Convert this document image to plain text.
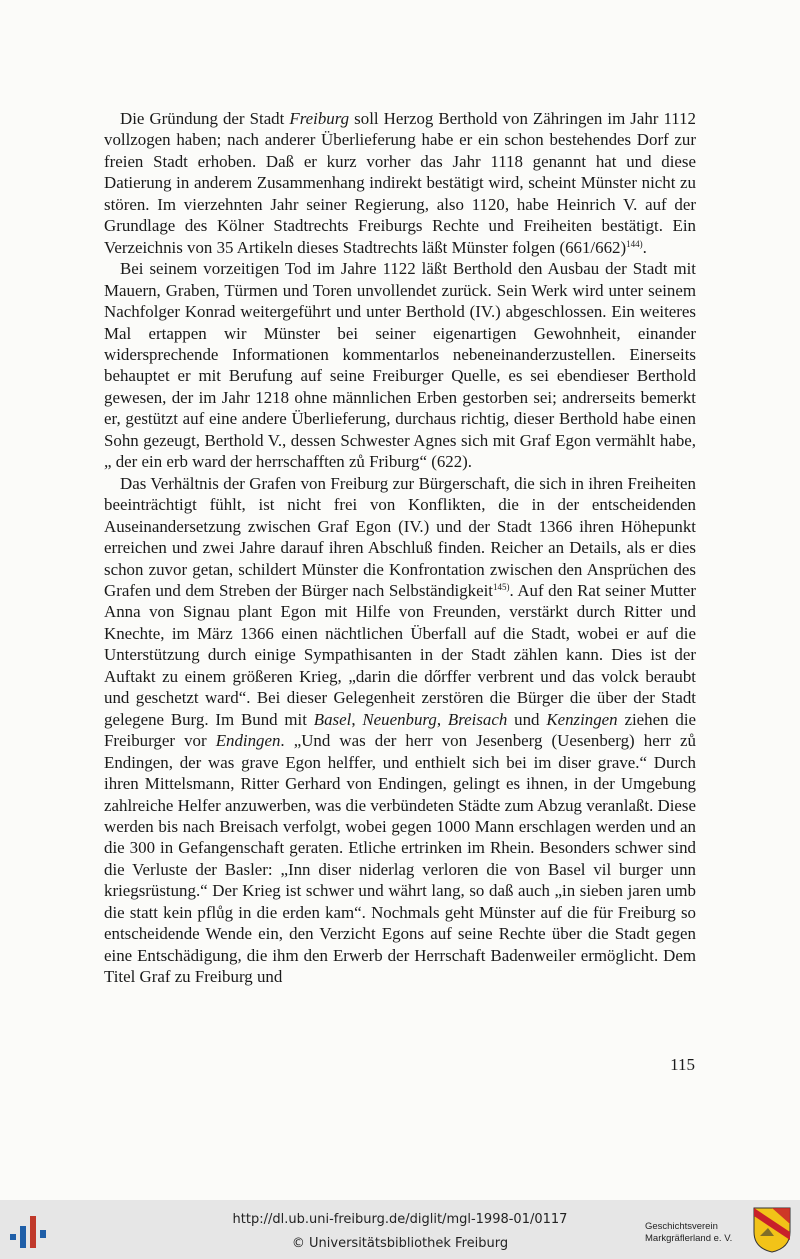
Die Gründung der Stadt Freiburg soll Herzog Berthold von Zähringen im Jahr 1112 vollzogen haben; nach anderer Überlieferung habe er ein schon bestehendes Dorf zur freien Stadt erhoben. Daß er kurz vorher das Jahr 1118 genannt hat und diese Datierung in anderem Zusammenhang indirekt bestätigt wird, scheint Münster nicht zu stören. Im vierzehnten Jahr seiner Regierung, also 1120, habe Heinrich V. auf der Grundlage des Kölner Stadtrechts Freiburgs Rechte und Freiheiten bestätigt. Ein Verzeichnis von 35 Artikeln dieses Stadtrechts läßt Münster folgen $(661/662)^{144)}$.

Bei seinem vorzeitigen Tod im Jahre 1122 läßt Berthold den Ausbau der Stadt mit Mauern, Graben, Türmen und Toren unvollendet zurück. Sein Werk wird unter seinem Nachfolger Konrad weitergeführt und unter Berthold (IV.) abgeschlossen. Ein weiteres Mal ertappen wir Münster bei seiner eigenartigen Gewohnheit, einander widersprechende Informationen kommentarlos nebeneinanderzustellen. Einerseits behauptet er mit Berufung auf seine Freiburger Quelle, es sei ebendieser Berthold gewesen, der im Jahr 1218 ohne männlichen Erben gestorben sei; andrerseits bemerkt er, gestützt auf eine andere Überlieferung, durchaus richtig, dieser Berthold habe einen Sohn gezeugt, Berthold V., dessen Schwester Agnes sich mit Graf Egon vermählt habe, „ der ein erb ward der herrschafften zů Friburg“ (622).

Das Verhältnis der Grafen von Freiburg zur Bürgerschaft, die sich in ihren Freiheiten beeinträchtigt fühlt, ist nicht frei von Konflikten, die in der entscheidenden Auseinandersetzung zwischen Graf Egon (IV.) und der Stadt 1366 ihren Höhepunkt erreichen und zwei Jahre darauf ihren Abschluß finden. Reicher an Details, als er dies schon zuvor getan, schildert Münster die Konfrontation zwischen den Ansprüchen des Grafen und dem Streben der Bürger nach Selbständigkeit$^{145)}$. Auf den Rat seiner Mutter Anna von Signau plant Egon mit Hilfe von Freunden, verstärkt durch Ritter und Knechte, im März 1366 einen nächtlichen Überfall auf die Stadt, wobei er auf die Unterstützung durch einige Sympathisanten in der Stadt zählen kann. Dies ist der Auftakt zu einem größeren Krieg, „darin die dőrffer verbrent und das volck beraubt und geschetzt ward“. Bei dieser Gelegenheit zerstören die Bürger die über der Stadt gelegene Burg. Im Bund mit Basel, Neuenburg, Breisach und Kenzingen ziehen die Freiburger vor Endingen. „Und was der herr von Jesenberg (Uesenberg) herr zů Endingen, der was grave Egon helffer, und enthielt sich bei im diser grave.“ Durch ihren Mittelsmann, Ritter Gerhard von Endingen, gelingt es ihnen, in der Umgebung zahlreiche Helfer anzuwerben, was die verbündeten Städte zum Abzug veranlaßt. Diese werden bis nach Breisach verfolgt, wobei gegen 1000 Mann erschlagen werden und an die 300 in Gefangenschaft geraten. Etliche ertrinken im Rhein. Besonders schwer sind die Verluste der Basler: „Inn diser niderlag verloren die von Basel vil burger unn kriegsrüstung.“ Der Krieg ist schwer und währt lang, so daß auch „in sieben jaren umb die statt kein pflůg in die erden kam“. Nochmals geht Münster auf die für Freiburg so entscheidende Wende ein, den Verzicht Egons auf seine Rechte über die Stadt gegen eine Entschädigung, die ihm den Erwerb der Herrschaft Badenweiler ermöglicht. Dem Titel Graf zu Freiburg und

115
http://dl.ub.uni-freiburg.de/diglit/mgl-1998-01/0117
© Universitätsbibliothek Freiburg
Geschichtsverein
Markgräflerland e. V.
